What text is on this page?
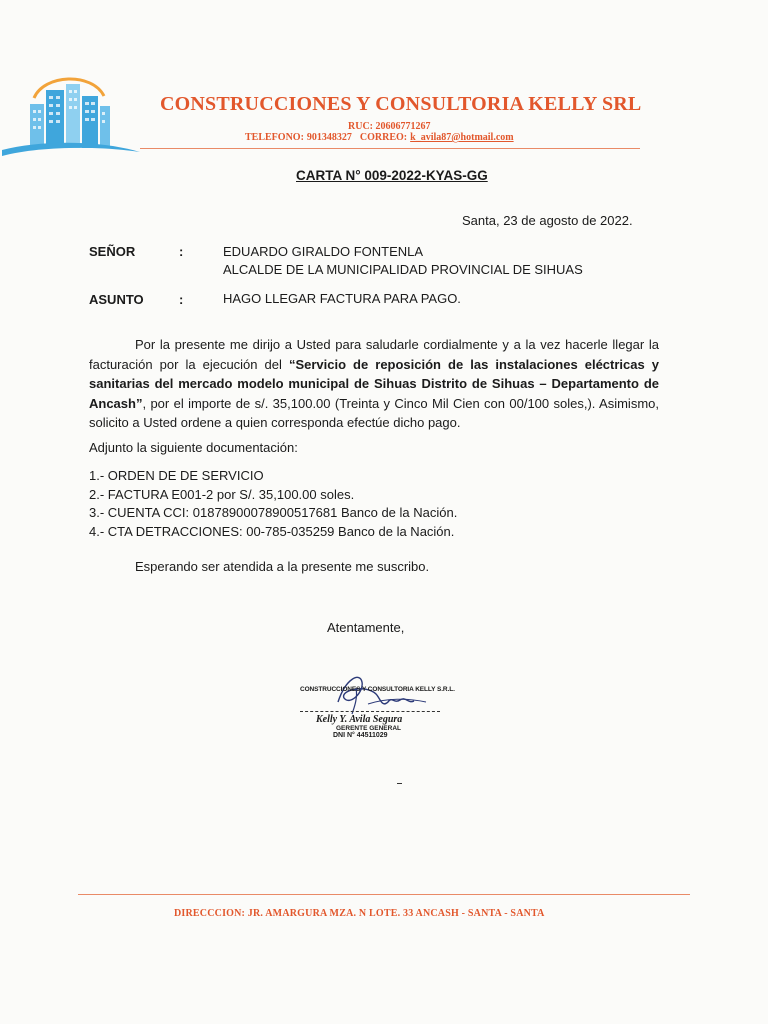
CONSTRUCCIONES Y CONSULTORIA KELLY SRL
RUC: 20606771267
TELEFONO: 901348327 CORREO: k_avila87@hotmail.com
CARTA N° 009-2022-KYAS-GG
Santa, 23 de agosto de 2022.
SEÑOR	:	EDUARDO GIRALDO FONTENLA
ALCALDE DE LA MUNICIPALIDAD PROVINCIAL DE SIHUAS
ASUNTO	:	HAGO LLEGAR FACTURA PARA PAGO.
Por la presente me dirijo a Usted para saludarle cordialmente y a la vez hacerle llegar la facturación por la ejecución del “Servicio de reposición de las instalaciones eléctricas y sanitarias del mercado modelo municipal de Sihuas Distrito de Sihuas – Departamento de Ancash”, por el importe de s/. 35,100.00 (Treinta y Cinco Mil Cien con 00/100 soles,). Asimismo, solicito a Usted ordene a quien corresponda efectúe dicho pago.
Adjunto la siguiente documentación:
1.- ORDEN DE DE SERVICIO
2.- FACTURA E001-2 por S/. 35,100.00 soles.
3.- CUENTA CCI: 01878900078900517681 Banco de la Nación.
4.- CTA DETRACCIONES: 00-785-035259 Banco de la Nación.
Esperando ser atendida a la presente me suscribo.
Atentamente,
CONSTRUCCIONES Y CONSULTORIA KELLY S.R.L.
Kelly Y. Avila Segura
GERENTE GENERAL
DNI N° 44511029
DIRECCCION: JR. AMARGURA MZA. N LOTE. 33 ANCASH - SANTA - SANTA
